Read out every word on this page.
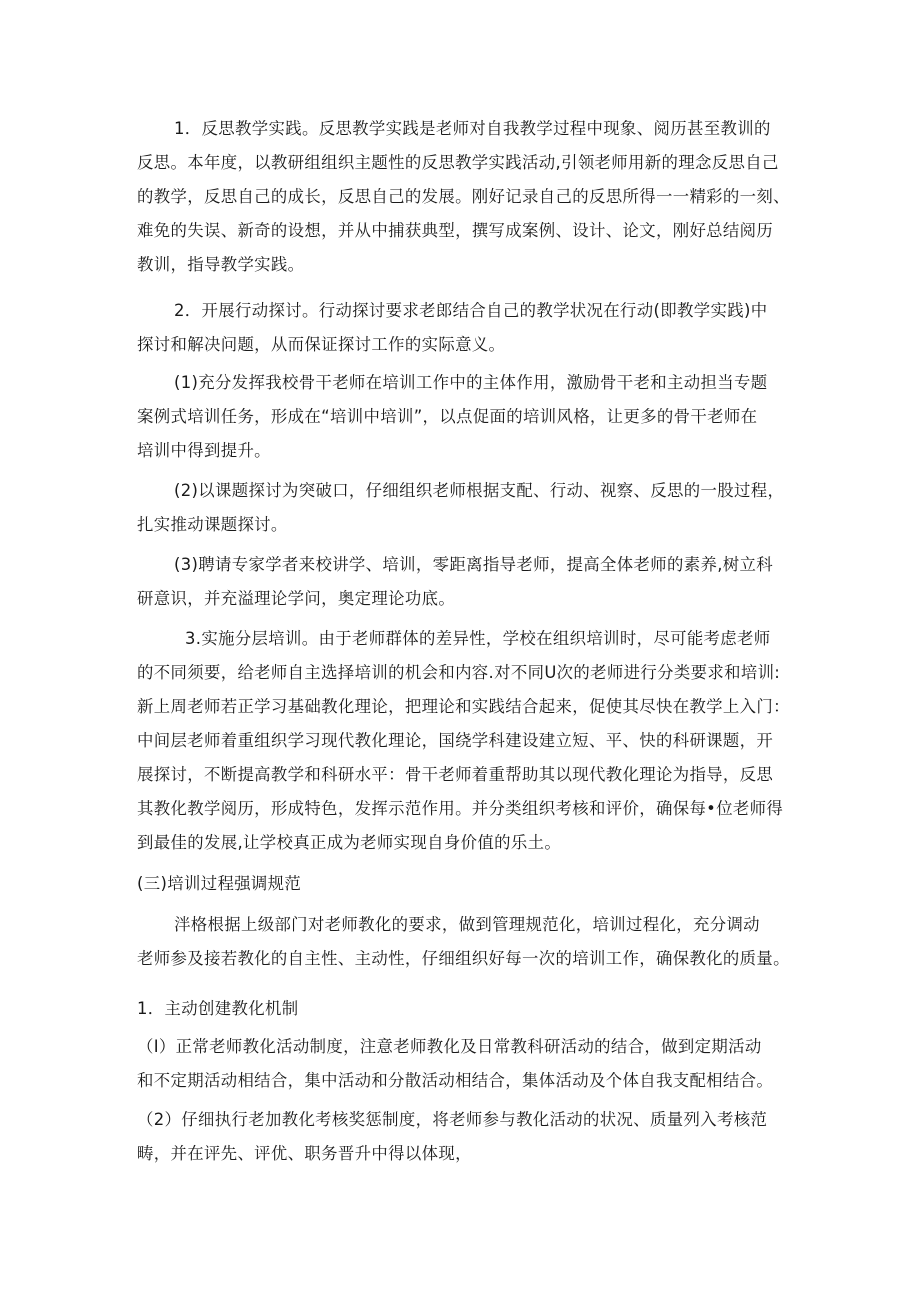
1．反思教学实践。反思教学实践是老师对自我教学过程中现象、阅历甚至教训的
反思。本年度，以教研组组织主题性的反思教学实践活动,引领老师用新的理念反思自己
的教学，反思自己的成长，反思自己的发展。刚好记录自己的反思所得一一精彩的一刻、
难免的失误、新奇的设想，并从中捕获典型，撰写成案例、设计、论文，刚好总结阅历
教训，指导教学实践。
2．开展行动探讨。行动探讨要求老郎结合自己的教学状况在行动(即教学实践)中
探讨和解决问题，从而保证探讨工作的实际意义。
(1)充分发挥我校骨干老师在培训工作中的主体作用，激励骨干老和主动担当专题
案例式培训任务，形成在“培训中培训”，以点促面的培训风格，让更多的骨干老师在
培训中得到提升。
(2)以课题探讨为突破口，仔细组织老师根据支配、行动、视察、反思的一股过程，
扎实推动课题探讨。
(3)聘请专家学者来校讲学、培训，零距离指导老师，提高全体老师的素养,树立科
研意识，并充溢理论学问，奥定理论功底。
3.实施分层培训。由于老师群体的差异性，学校在组织培训时，尽可能考虑老师
的不同须要，给老师自主选择培训的机会和内容.对不同U次的老师进行分类要求和培训:
新上周老师若正学习基础教化理论，把理论和实践结合起来，促使其尽快在教学上入门：
中间层老师着重组织学习现代教化理论，国绕学科建设建立短、平、快的科研课题，开
展探讨，不断提高教学和科研水平：骨干老师着重帮助其以现代教化理论为指导，反思
其教化教学阅历，形成特色，发挥示范作用。并分类组织考核和评价，确保每•位老师得
到最佳的发展,让学校真正成为老师实现自身价值的乐土。
(三)培训过程强调规范
泮格根据上级部门对老师教化的要求，做到管理规范化，培训过程化，充分调动
老师参及接若教化的自主性、主动性，仔细组织好每一次的培训工作，确保教化的质量。
1．主动创建教化机制
（I）正常老师教化活动制度，注意老师教化及日常教科研活动的结合，做到定期活动
和不定期活动相结合，集中活动和分散活动相结合，集体活动及个体自我支配相结合。
（2）仔细执行老加教化考核奖惩制度，将老师参与教化活动的状况、质量列入考核范
畴，并在评先、评优、职务晋升中得以体现，
